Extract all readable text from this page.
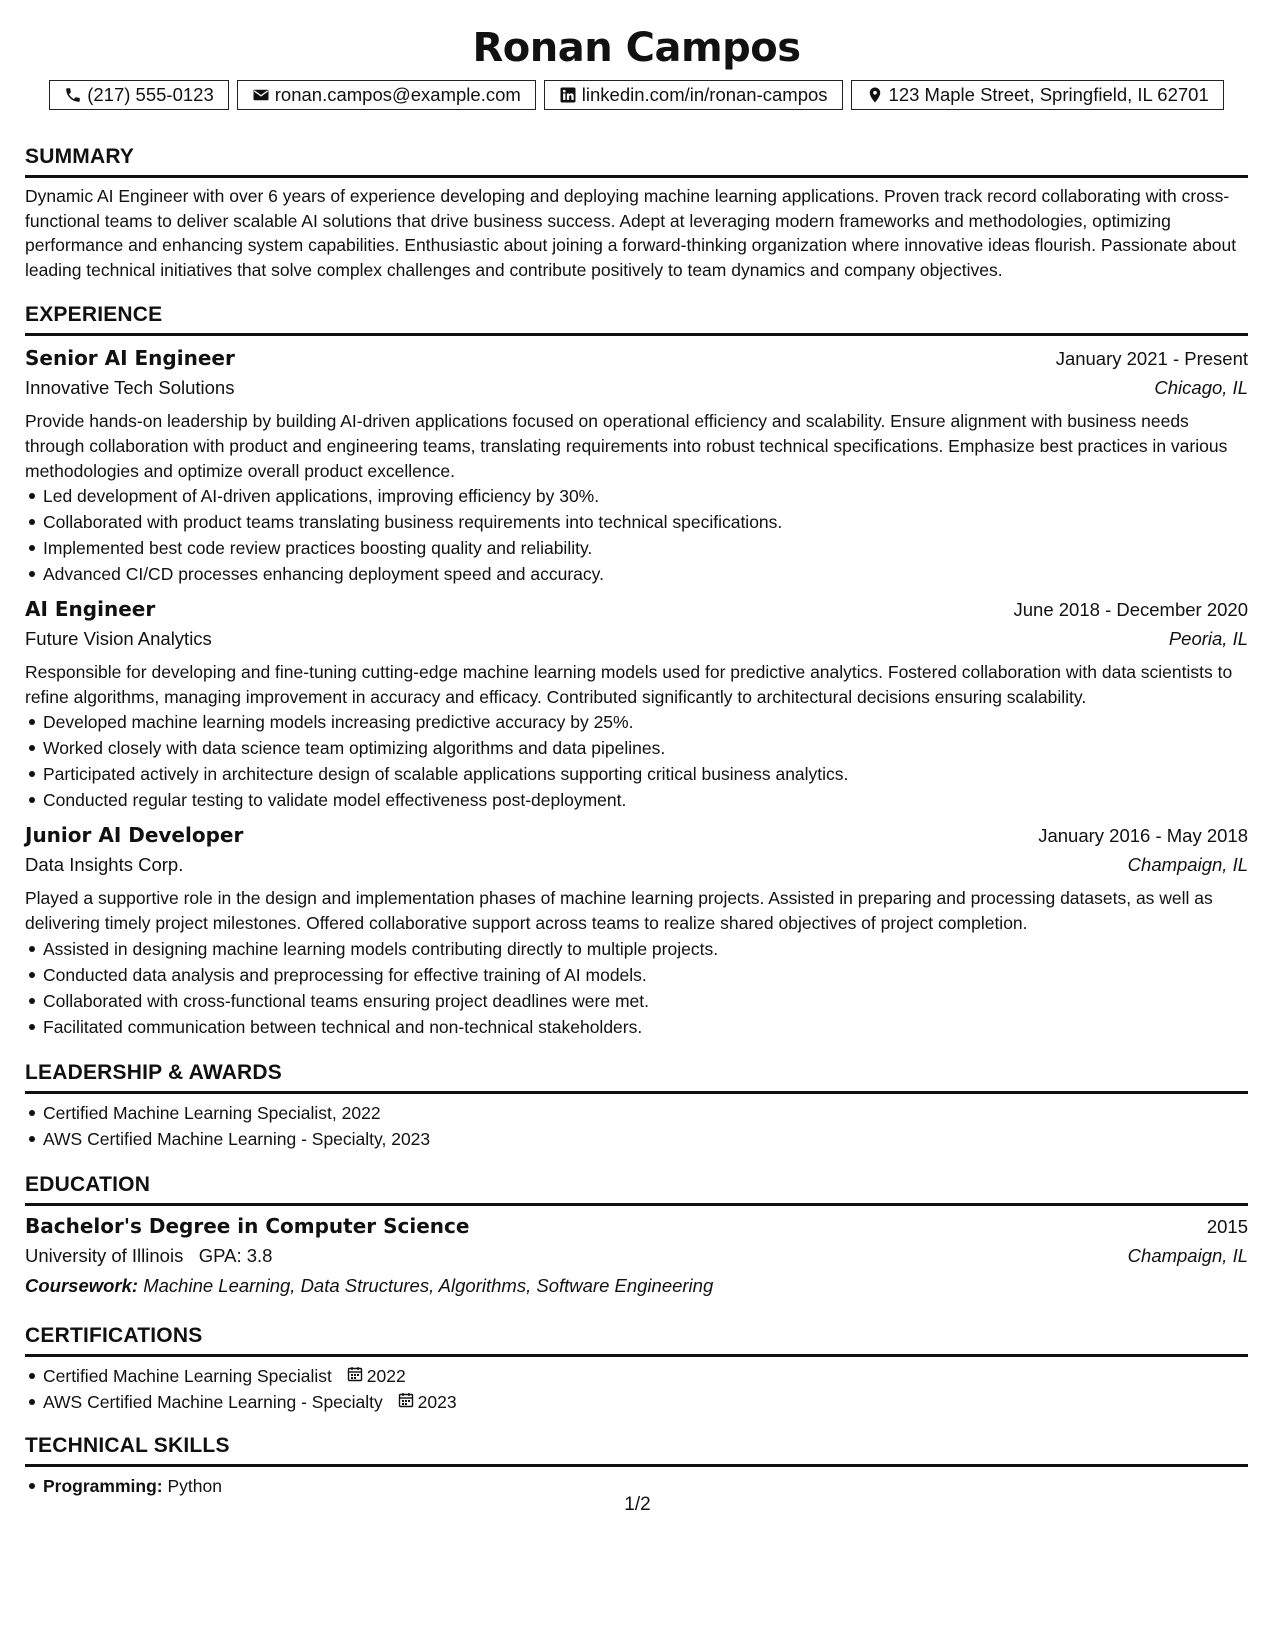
Ronan Campos
(217) 555-0123	ronan.campos@example.com	linkedin.com/in/ronan-campos	123 Maple Street, Springfield, IL 62701
SUMMARY

Dynamic AI Engineer with over 6 years of experience developing and deploying machine learning applications. Proven track record collaborating with cross-functional teams to deliver scalable AI solutions that drive business success. Adept at leveraging modern frameworks and methodologies, optimizing performance and enhancing system capabilities. Enthusiastic about joining a forward-thinking organization where innovative ideas flourish. Passionate about leading technical initiatives that solve complex challenges and contribute positively to team dynamics and company objectives.

EXPERIENCE
Senior AI Engineer	January 2021 - Present
Innovative Tech Solutions	Chicago, IL

Provide hands-on leadership by building AI-driven applications focused on operational efficiency and scalability. Ensure alignment with business needs through collaboration with product and engineering teams, translating requirements into robust technical specifications. Emphasize best practices in various methodologies and optimize overall product excellence.

Led development of AI-driven applications, improving efficiency by 30%.
Collaborated with product teams translating business requirements into technical specifications.
Implemented best code review practices boosting quality and reliability.
Advanced CI/CD processes enhancing deployment speed and accuracy.
AI Engineer	June 2018 - December 2020
Future Vision Analytics	Peoria, IL

Responsible for developing and fine-tuning cutting-edge machine learning models used for predictive analytics. Fostered collaboration with data scientists to refine algorithms, managing improvement in accuracy and efficacy. Contributed significantly to architectural decisions ensuring scalability.

Developed machine learning models increasing predictive accuracy by 25%.
Worked closely with data science team optimizing algorithms and data pipelines.
Participated actively in architecture design of scalable applications supporting critical business analytics.
Conducted regular testing to validate model effectiveness post-deployment.
Junior AI Developer	January 2016 - May 2018
Data Insights Corp.	Champaign, IL

Played a supportive role in the design and implementation phases of machine learning projects. Assisted in preparing and processing datasets, as well as delivering timely project milestones. Offered collaborative support across teams to realize shared objectives of project completion.

Assisted in designing machine learning models contributing directly to multiple projects.
Conducted data analysis and preprocessing for effective training of AI models.
Collaborated with cross-functional teams ensuring project deadlines were met.
Facilitated communication between technical and non-technical stakeholders.
LEADERSHIP & AWARDS
Certified Machine Learning Specialist, 2022
AWS Certified Machine Learning - Specialty, 2023
EDUCATION
Bachelor's Degree in Computer Science	2015
University of Illinois GPA: 3.8	Champaign, IL
Coursework: Machine Learning, Data Structures, Algorithms, Software Engineering
CERTIFICATIONS
Certified Machine Learning Specialist 2022
AWS Certified Machine Learning - Specialty 2023
TECHNICAL SKILLS
Programming: Python
1/2
